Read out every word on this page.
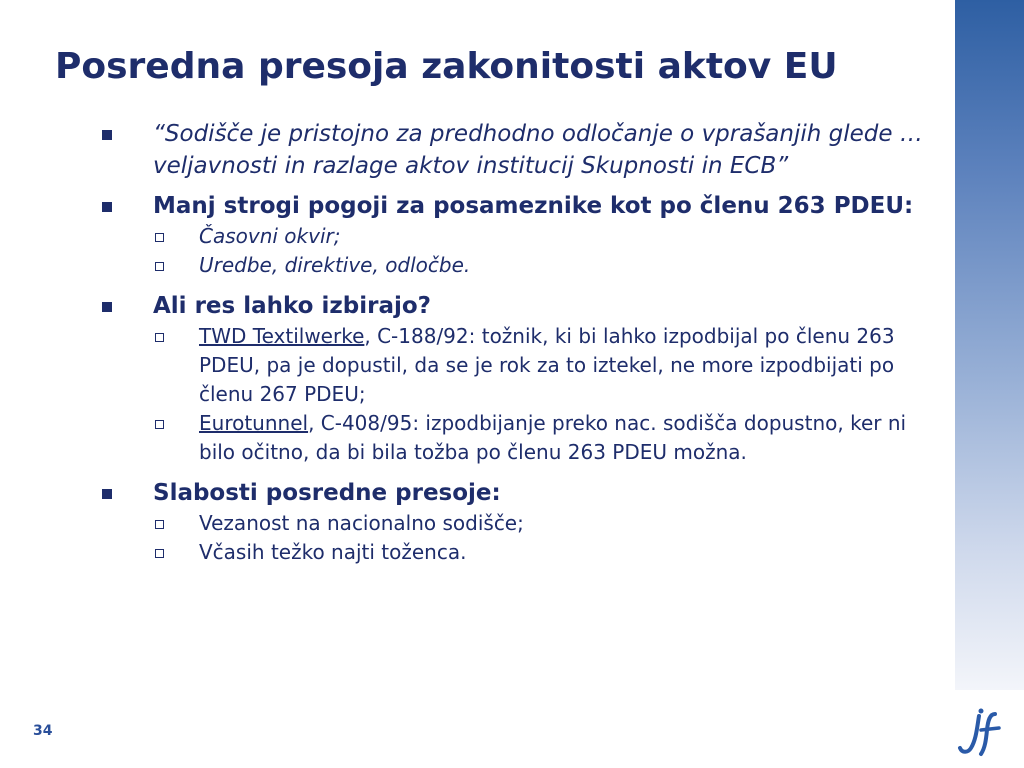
Posredna presoja zakonitosti aktov EU
“Sodišče je pristojno za predhodno odločanje o vprašanjih glede … veljavnosti in razlage aktov institucij Skupnosti in ECB”
Manj strogi pogoji za posameznike kot po členu 263 PDEU:
Časovni okvir;
Uredbe, direktive, odločbe.
Ali res lahko izbirajo?
TWD Textilwerke, C-188/92: tožnik, ki bi lahko izpodbijal po členu 263 PDEU, pa je dopustil, da se je rok za to iztekel, ne more izpodbijati po členu 267 PDEU;
Eurotunnel, C-408/95: izpodbijanje preko nac. sodišča dopustno, ker ni bilo očitno, da bi bila tožba po členu 263 PDEU možna.
Slabosti posredne presoje:
Vezanost na nacionalno sodišče;
Včasih težko najti toženca.
34
